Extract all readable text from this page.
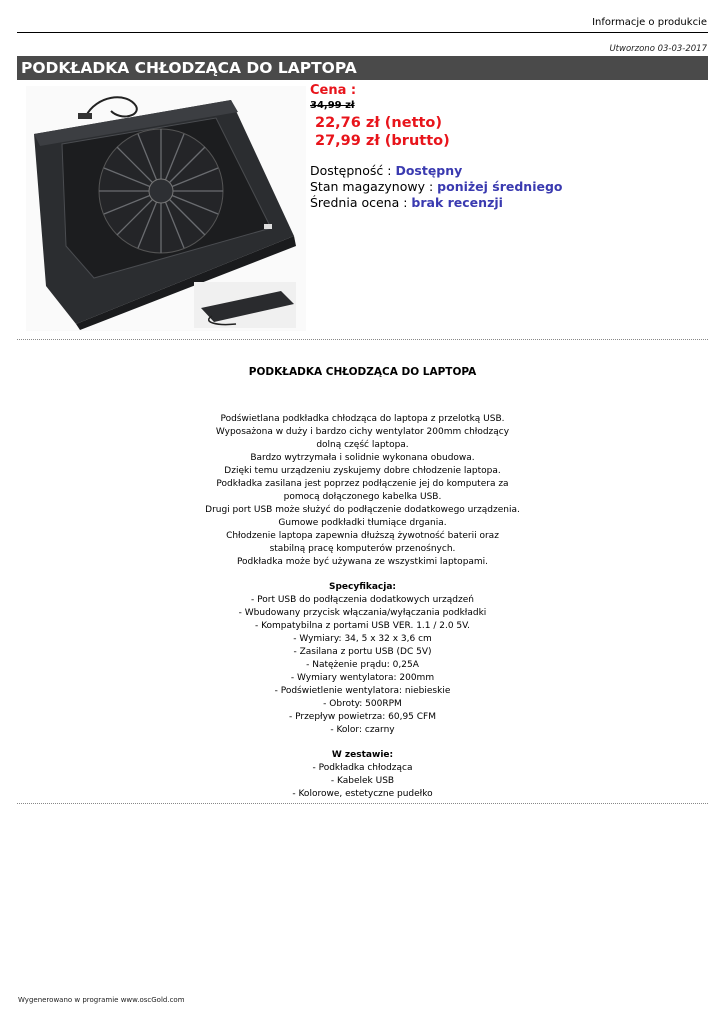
Informacje o produkcie
Utworzono 03-03-2017
PODKŁADKA CHŁODZĄCA DO LAPTOPA
Cena :
34,99 zł
22,76 zł (netto)
27,99 zł (brutto)
Dostępność : Dostępny
Stan magazynowy : poniżej średniego
Średnia ocena : brak recenzji
PODKŁADKA CHŁODZĄCA DO LAPTOPA

Podświetlana podkładka chłodząca do laptopa z przelotką USB.

Wyposażona w duży i bardzo cichy wentylator 200mm chłodzący

dolną część laptopa.

Bardzo wytrzymała i solidnie wykonana obudowa.

Dzięki temu urządzeniu zyskujemy dobre chłodzenie laptopa.

Podkładka zasilana jest poprzez podłączenie jej do komputera za

pomocą dołączonego kabelka USB.

Drugi port USB może służyć do podłączenie dodatkowego urządzenia.

Gumowe podkładki tłumiące drgania.

Chłodzenie laptopa zapewnia dłuższą żywotność baterii oraz

stabilną pracę komputerów przenośnych.

Podkładka może być używana ze wszystkimi laptopami.

Specyfikacja:

- Port USB do podłączenia dodatkowych urządzeń

- Wbudowany przycisk włączania/wyłączania podkładki

- Kompatybilna z portami USB VER. 1.1 / 2.0 5V.

- Wymiary: 34, 5 x 32 x 3,6 cm

- Zasilana z portu USB (DC 5V)

- Natężenie prądu: 0,25A

- Wymiary wentylatora: 200mm

- Podświetlenie wentylatora: niebieskie

- Obroty: 500RPM

- Przepływ powietrza: 60,95 CFM

- Kolor: czarny

W zestawie:

- Podkładka chłodząca

- Kabelek USB

- Kolorowe, estetyczne pudełko

Wygenerowano w programie www.oscGold.com
